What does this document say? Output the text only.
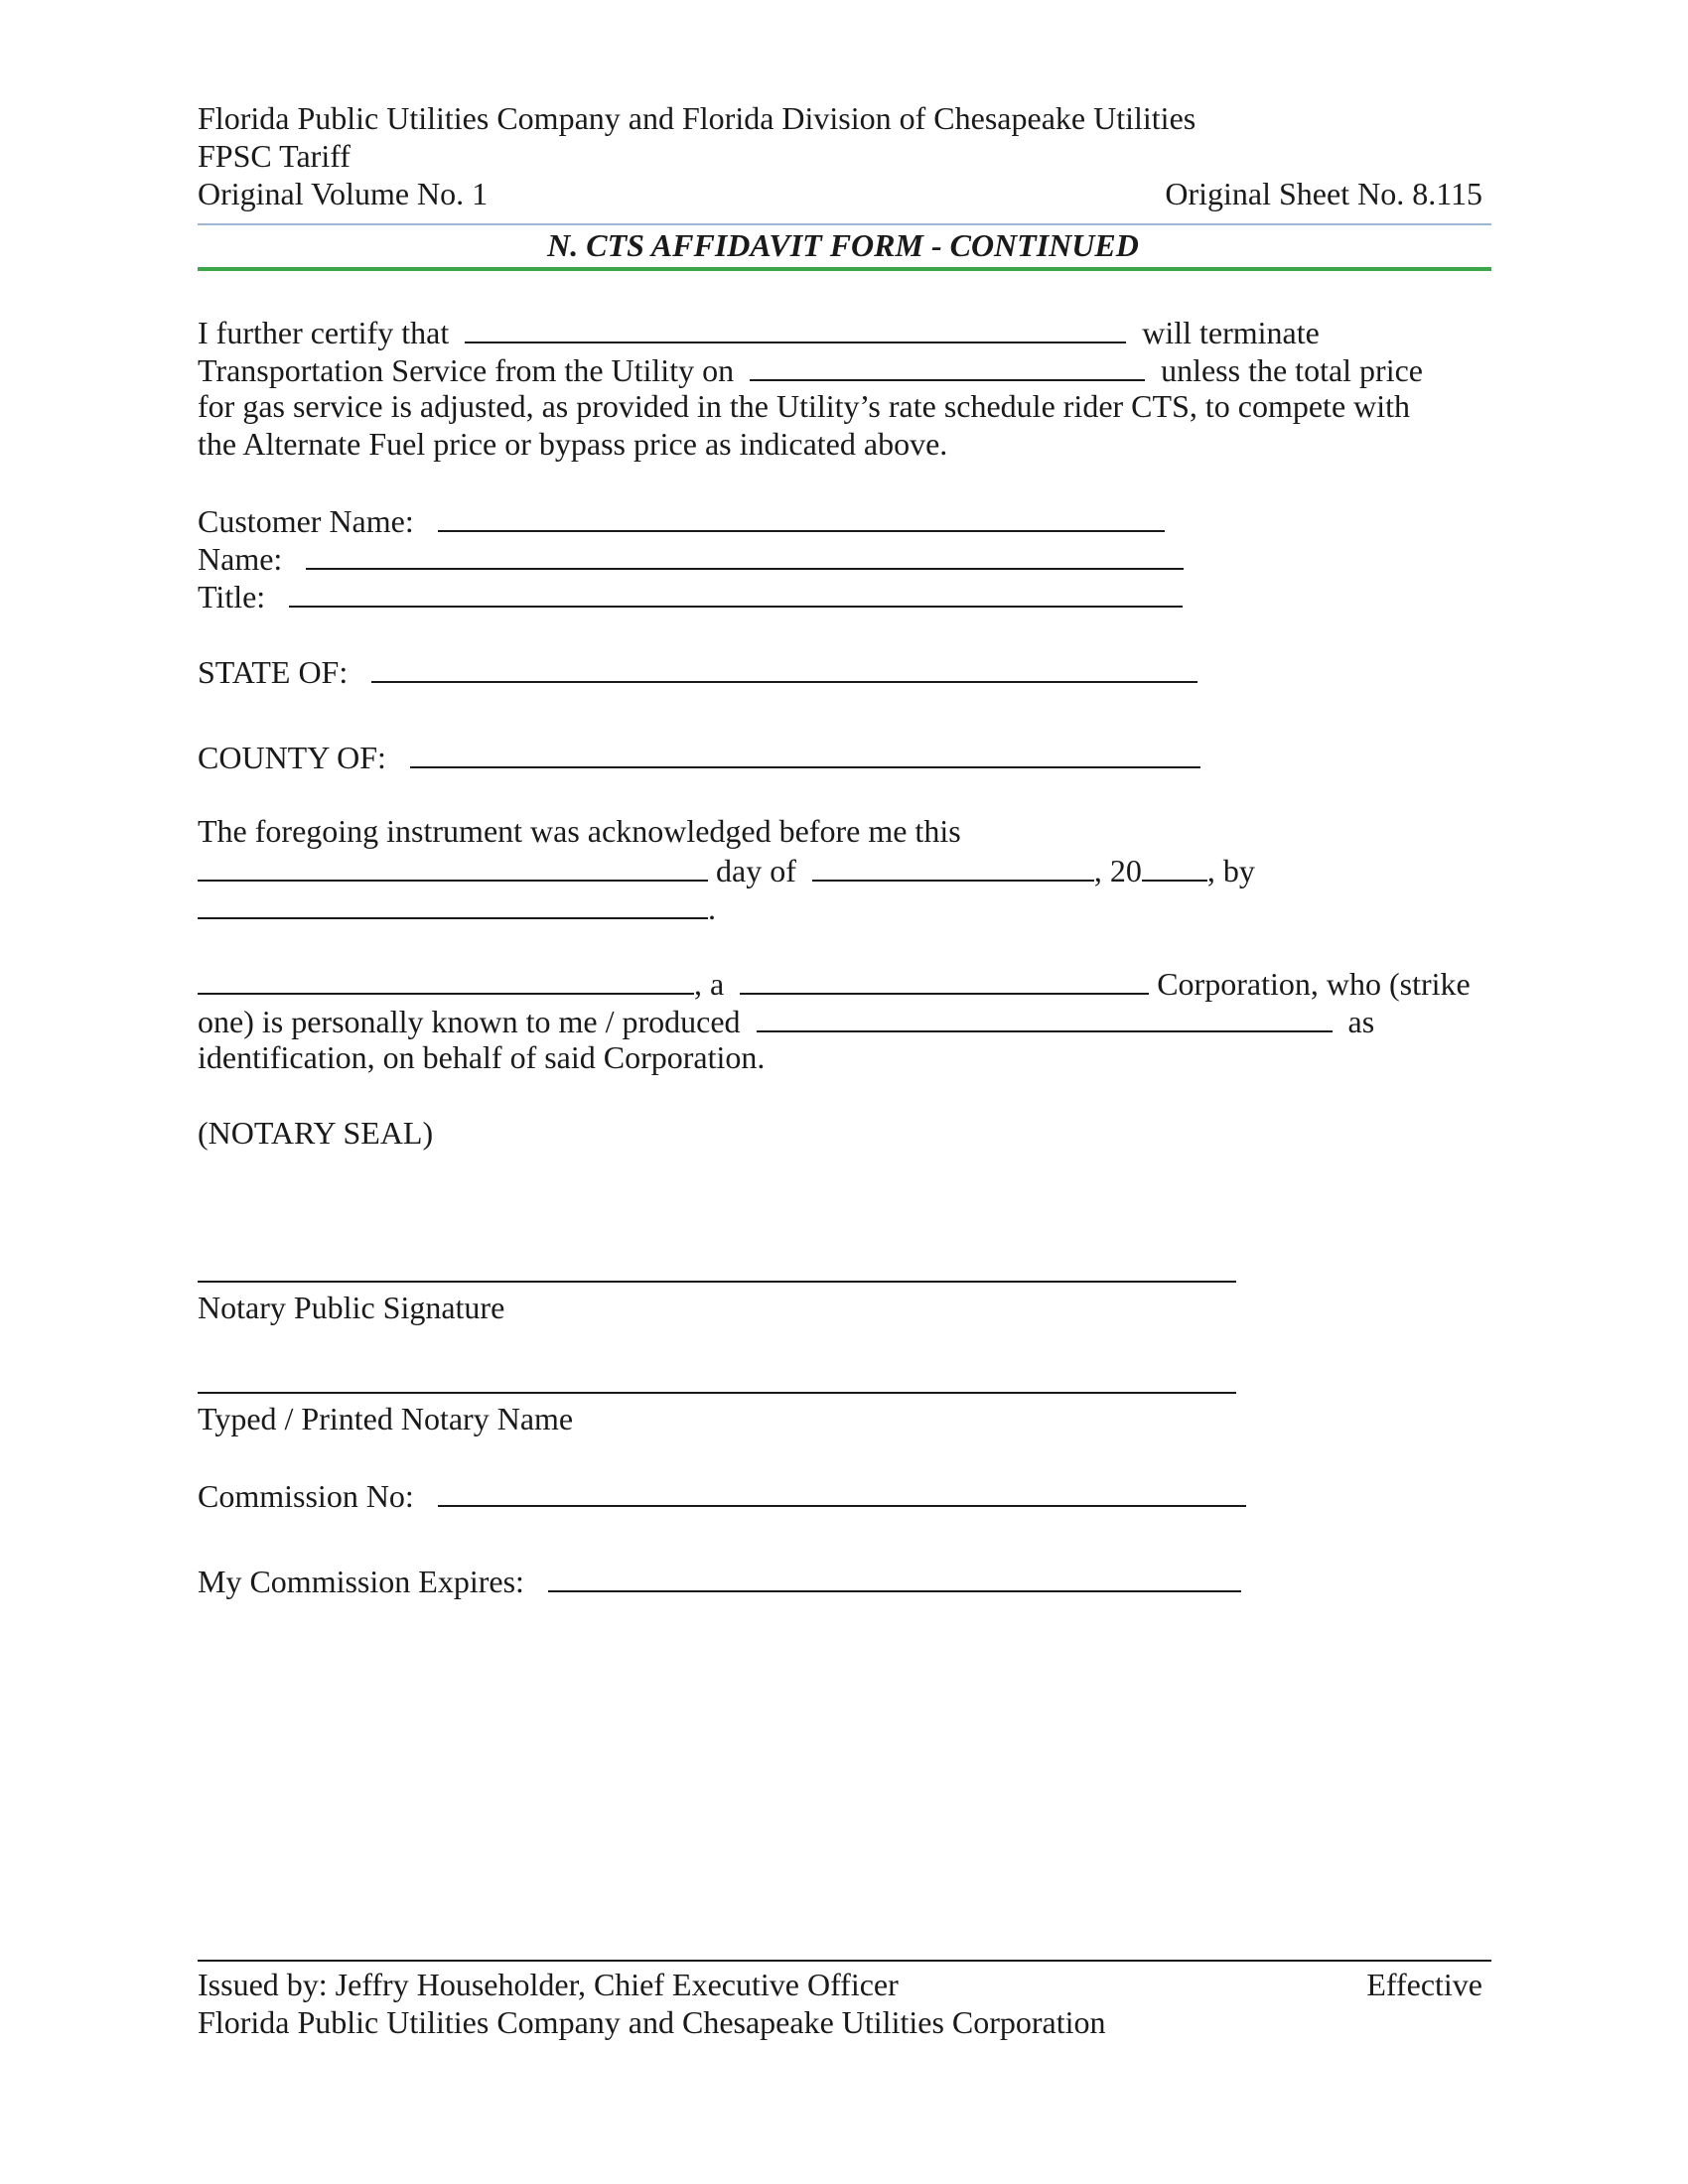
Florida Public Utilities Company and Florida Division of Chesapeake Utilities
FPSC Tariff
Original Volume No. 1	Original Sheet No. 8.115
N. CTS AFFIDAVIT FORM - CONTINUED
I further certify that	will terminate
Transportation Service from the Utility on	unless the total price
for gas service is adjusted, as provided in the Utility’s rate schedule rider CTS, to compete with
the Alternate Fuel price or bypass price as indicated above.
Customer Name:
Name:
Title:
STATE OF:
COUNTY OF:
The foregoing instrument was acknowledged before me this
day of	, 20 , by
.
, a	Corporation, who (strike
one) is personally known to me / produced	as
identification, on behalf of said Corporation.
(NOTARY SEAL)
Notary Public Signature
Typed / Printed Notary Name
Commission No:
My Commission Expires:
Issued by: Jeffry Householder, Chief Executive Officer	Effective
Florida Public Utilities Company and Chesapeake Utilities Corporation
